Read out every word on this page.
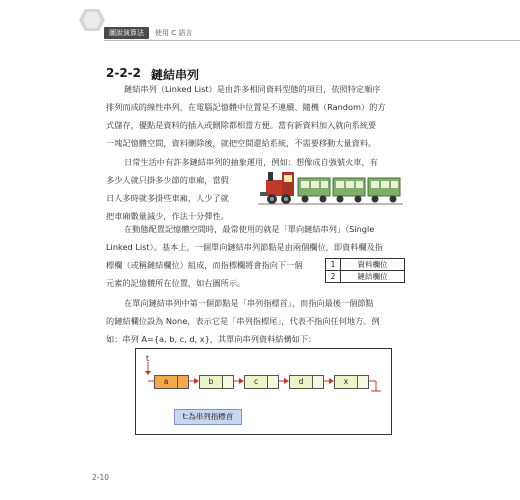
圖說演算法	使用 C 語言
2-2-2 鏈結串列
鏈結串列（Linked List）是由許多相同資料型態的項目，依照特定順序
排列而成的線性串列，在電腦記憶體中位置是不連續、隨機（Random）的方
式儲存，優點是資料的插入或刪除都相當方便。當有新資料加入就向系統要
一塊記憶體空間，資料刪除後，就把空間還給系統，不需要移動大量資料。
日常生活中有許多鏈結串列的抽象運用，例如：想像成自強號火車，有
多少人就只掛多少節的車廂，當假
日人多時就多掛些車廂，人少了就
把車廂數量減少，作法十分彈性。
在動態配置記憶體空間時，最常使用的就是「單向鏈結串列」（Single
Linked List）。基本上，一個單向鏈結串列節點是由兩個欄位，即資料欄及指
標欄（或稱鏈結欄位）組成，而指標欄將會指向下一個
元素的記憶體所在位置，如右圖所示。
1	資料欄位
2	鏈結欄位
在單向鏈結串列中第一個節點是「串列指標首」，而指向最後一個節點
的鏈結欄位設為 None，表示它是「串列指標尾」，代表不指向任何地方。例
如：串列 A={a, b, c, d, x}，其單向串列資料結構如下：
t
a	b	c	d	x
t:為串列指標首
2-10
